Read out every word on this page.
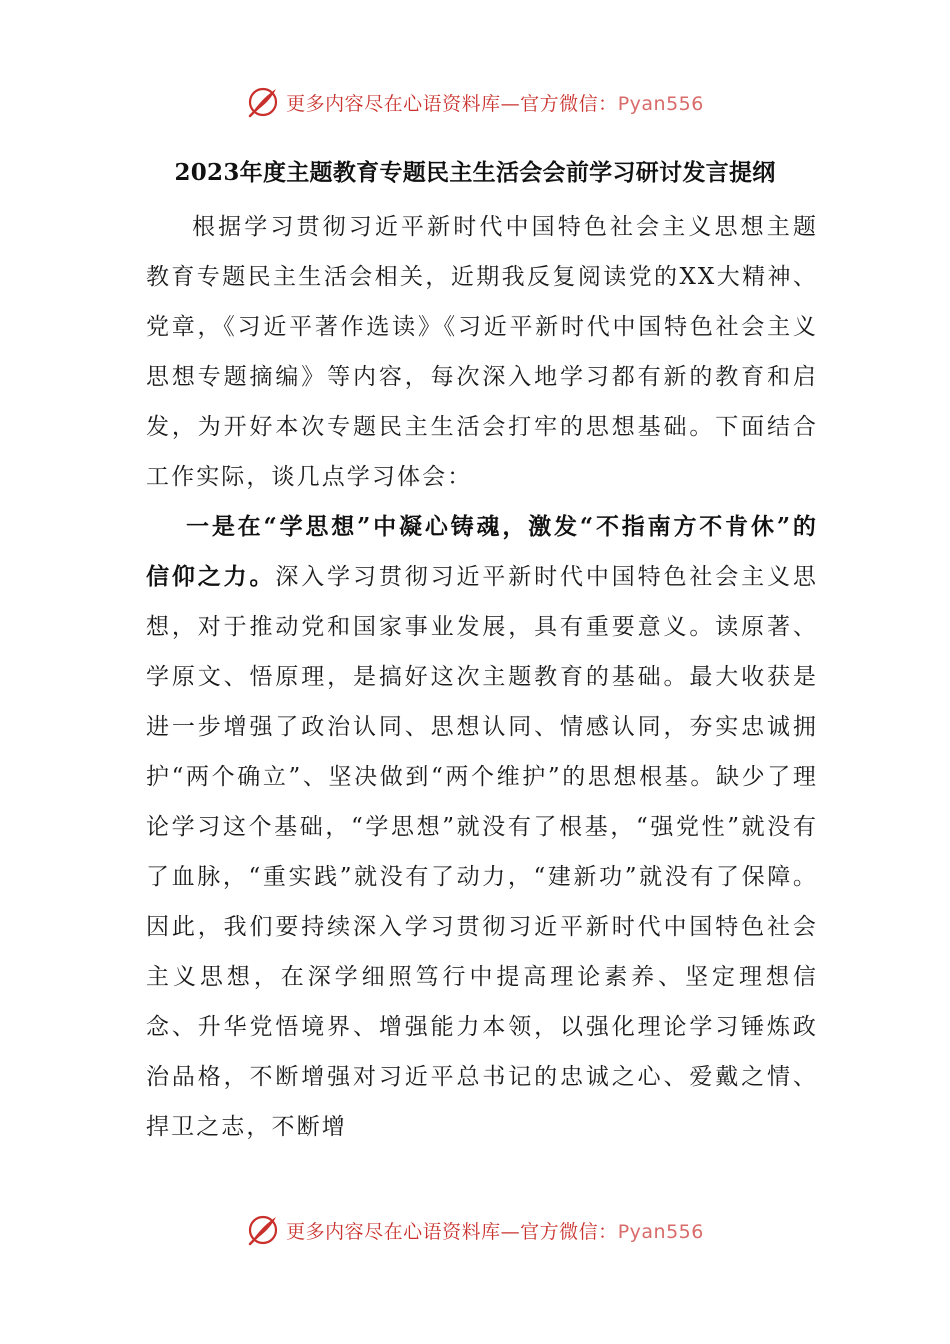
更多内容尽在心语资料库—官方微信：Pyan556
2023年度主题教育专题民主生活会会前学习研讨发言提纲

根据学习贯彻习近平新时代中国特色社会主义思想主题教育专题民主生活会相关，近期我反复阅读党的XX大精神、党章，《习近平著作选读》《习近平新时代中国特色社会主义思想专题摘编》等内容，每次深入地学习都有新的教育和启发，为开好本次专题民主生活会打牢的思想基础。下面结合工作实际，谈几点学习体会：

一是在“学思想”中凝心铸魂，激发“不指南方不肯休”的信仰之力。深入学习贯彻习近平新时代中国特色社会主义思想，对于推动党和国家事业发展，具有重要意义。读原著、学原文、悟原理，是搞好这次主题教育的基础。最大收获是进一步增强了政治认同、思想认同、情感认同，夯实忠诚拥护“两个确立”、坚决做到“两个维护”的思想根基。缺少了理论学习这个基础，“学思想”就没有了根基，“强党性”就没有了血脉，“重实践”就没有了动力，“建新功”就没有了保障。因此，我们要持续深入学习贯彻习近平新时代中国特色社会主义思想，在深学细照笃行中提高理论素养、坚定理想信念、升华党悟境界、增强能力本领，以强化理论学习锤炼政治品格，不断增强对习近平总书记的忠诚之心、爱戴之情、捍卫之志，不断增

更多内容尽在心语资料库—官方微信：Pyan556
